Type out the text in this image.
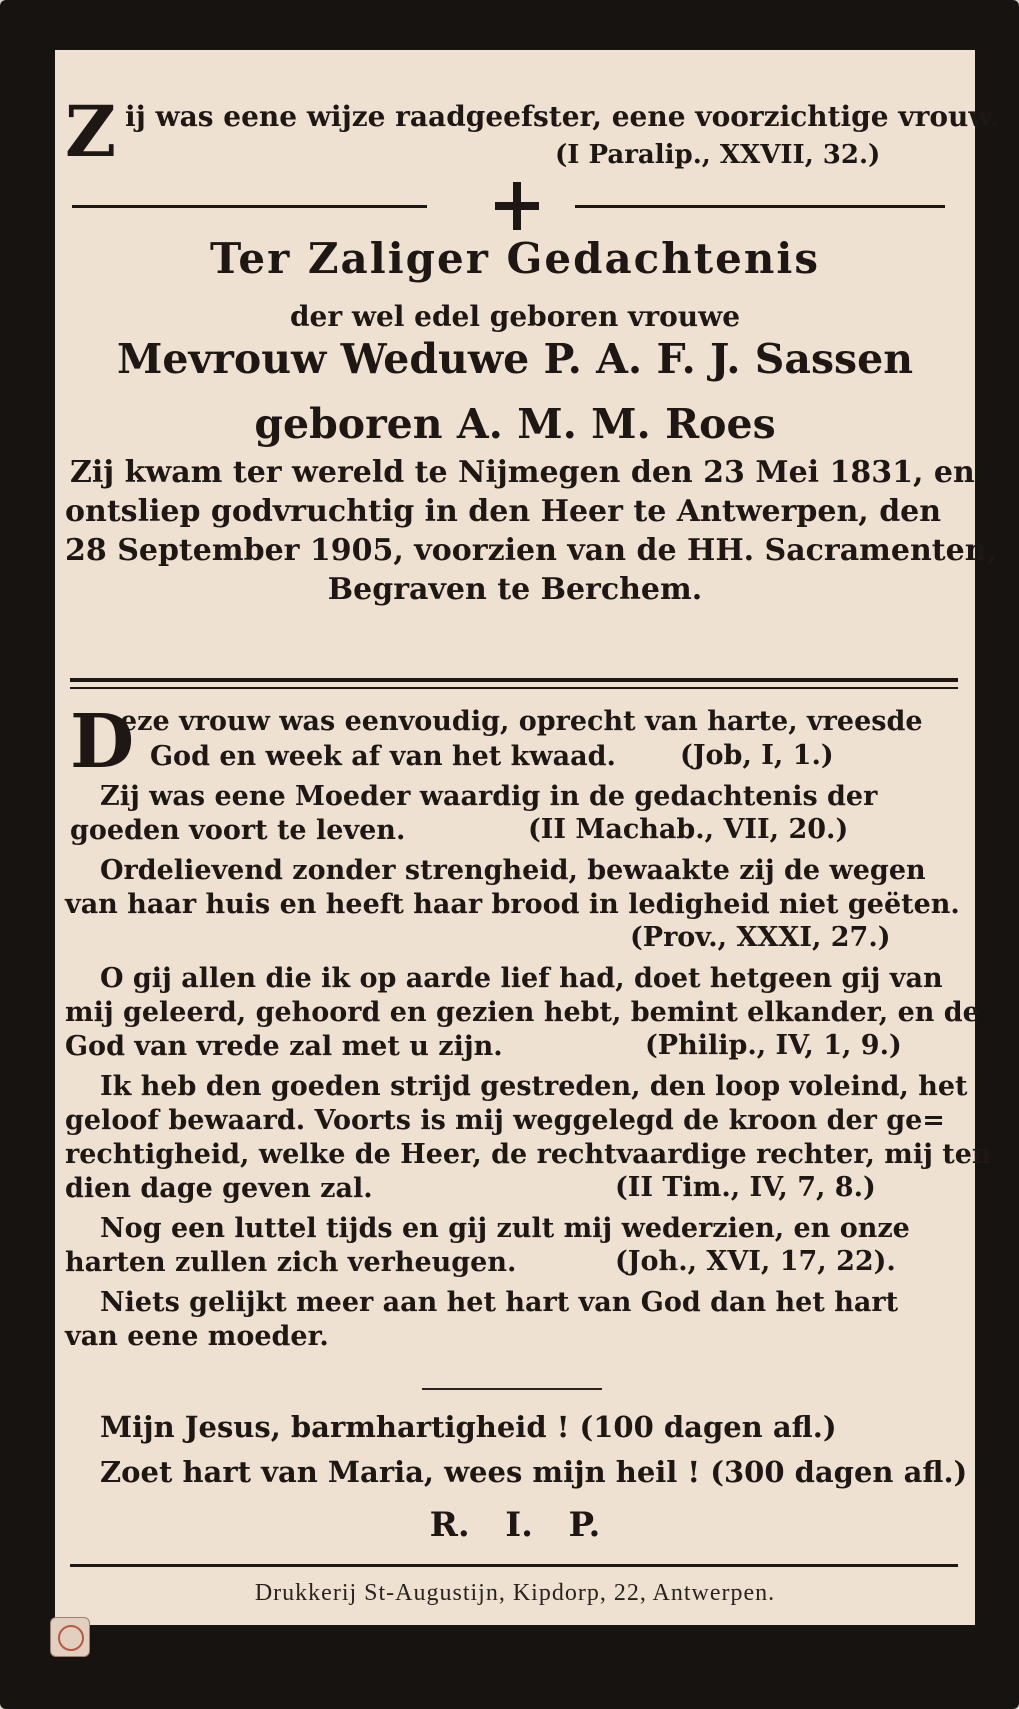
Z ij was eene wijze raadgeefster, eene voorzichtige vrouw.
(I Paralip., XXVII, 32.)
Ter Zaliger Gedachtenis
der wel edel geboren vrouwe
Mevrouw Weduwe P. A. F. J. Sassen
geboren A. M. M. Roes
Zij kwam ter wereld te Nijmegen den 23 Mei 1831, en
ontsliep godvruchtig in den Heer te Antwerpen, den
28 September 1905, voorzien van de HH. Sacramenten,
Begraven te Berchem.
D
eze vrouw was eenvoudig, oprecht van harte, vreesde
God en week af van het kwaad.	(Job, I, 1.)
Zij was eene Moeder waardig in de gedachtenis der
goeden voort te leven.	(II Machab., VII, 20.)
Ordelievend zonder strengheid, bewaakte zij de wegen
van haar huis en heeft haar brood in ledigheid niet geëten.
(Prov., XXXI, 27.)
O gij allen die ik op aarde lief had, doet hetgeen gij van
mij geleerd, gehoord en gezien hebt, bemint elkander, en de
God van vrede zal met u zijn.	(Philip., IV, 1, 9.)
Ik heb den goeden strijd gestreden, den loop voleind, het
geloof bewaard. Voorts is mij weggelegd de kroon der ge=
rechtigheid, welke de Heer, de rechtvaardige rechter, mij ten
dien dage geven zal.	(II Tim., IV, 7, 8.)
Nog een luttel tijds en gij zult mij wederzien, en onze
harten zullen zich verheugen.	(Joh., XVI, 17, 22).
Niets gelijkt meer aan het hart van God dan het hart
van eene moeder.
Mijn Jesus, barmhartigheid ! (100 dagen afl.)
Zoet hart van Maria, wees mijn heil ! (300 dagen afl.)
R.   I.   P.
Drukkerij St-Augustijn, Kipdorp, 22, Antwerpen.
